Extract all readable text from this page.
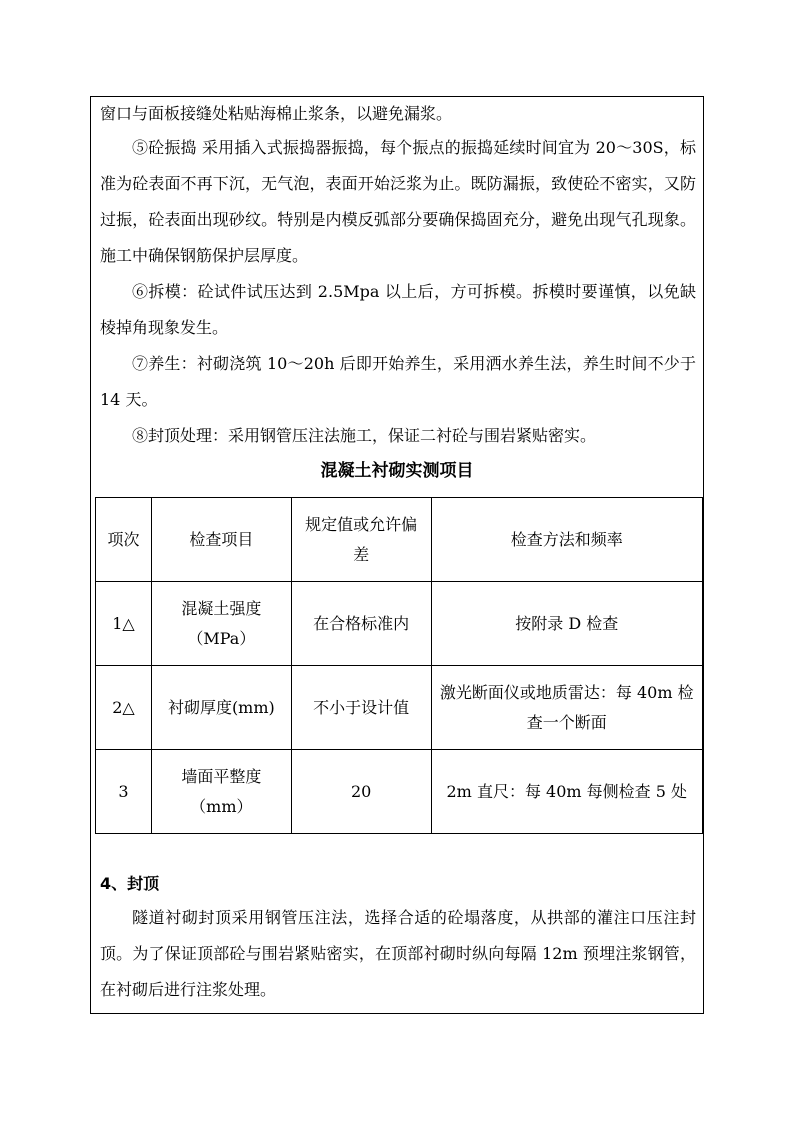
窗口与面板接缝处粘贴海棉止浆条，以避免漏浆。

⑤砼振捣 采用插入式振捣器振捣，每个振点的振捣延续时间宜为 20～30S，标准为砼表面不再下沉，无气泡，表面开始泛浆为止。既防漏振，致使砼不密实，又防过振，砼表面出现砂纹。特别是内模反弧部分要确保捣固充分，避免出现气孔现象。施工中确保钢筋保护层厚度。

⑥拆模：砼试件试压达到 2.5Mpa 以上后，方可拆模。拆模时要谨慎，以免缺棱掉角现象发生。

⑦养生：衬砌浇筑 10～20h 后即开始养生，采用洒水养生法，养生时间不少于 14 天。

⑧封顶处理：采用钢管压注法施工，保证二衬砼与围岩紧贴密实。

混凝土衬砌实测项目
项次	检查项目	规定值或允许偏差	检查方法和频率
1△	混凝土强度（MPa）	在合格标准内	按附录 D 检查
2△	衬砌厚度(mm)	不小于设计值	激光断面仪或地质雷达：每 40m 检查一个断面
3	墙面平整度（mm）	20	2m 直尺：每 40m 每侧检查 5 处
4、封顶

隧道衬砌封顶采用钢管压注法，选择合适的砼塌落度，从拱部的灌注口压注封顶。为了保证顶部砼与围岩紧贴密实，在顶部衬砌时纵向每隔 12m 预埋注浆钢管，在衬砌后进行注浆处理。
